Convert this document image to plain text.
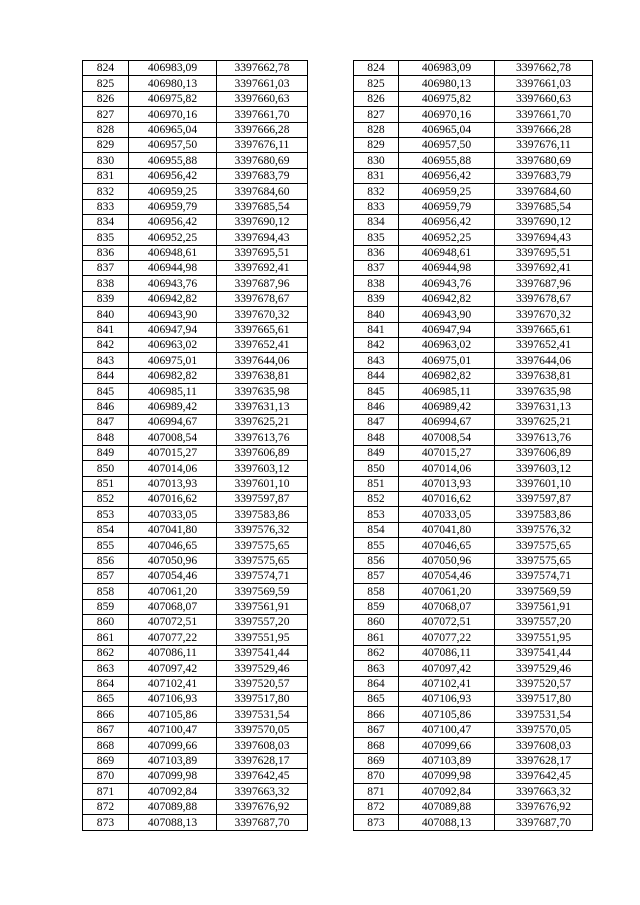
824	406983,09	3397662,78		824	406983,09	3397662,78
825	406980,13	3397661,03		825	406980,13	3397661,03
826	406975,82	3397660,63		826	406975,82	3397660,63
827	406970,16	3397661,70		827	406970,16	3397661,70
828	406965,04	3397666,28		828	406965,04	3397666,28
829	406957,50	3397676,11		829	406957,50	3397676,11
830	406955,88	3397680,69		830	406955,88	3397680,69
831	406956,42	3397683,79		831	406956,42	3397683,79
832	406959,25	3397684,60		832	406959,25	3397684,60
833	406959,79	3397685,54		833	406959,79	3397685,54
834	406956,42	3397690,12		834	406956,42	3397690,12
835	406952,25	3397694,43		835	406952,25	3397694,43
836	406948,61	3397695,51		836	406948,61	3397695,51
837	406944,98	3397692,41		837	406944,98	3397692,41
838	406943,76	3397687,96		838	406943,76	3397687,96
839	406942,82	3397678,67		839	406942,82	3397678,67
840	406943,90	3397670,32		840	406943,90	3397670,32
841	406947,94	3397665,61		841	406947,94	3397665,61
842	406963,02	3397652,41		842	406963,02	3397652,41
843	406975,01	3397644,06		843	406975,01	3397644,06
844	406982,82	3397638,81		844	406982,82	3397638,81
845	406985,11	3397635,98		845	406985,11	3397635,98
846	406989,42	3397631,13		846	406989,42	3397631,13
847	406994,67	3397625,21		847	406994,67	3397625,21
848	407008,54	3397613,76		848	407008,54	3397613,76
849	407015,27	3397606,89		849	407015,27	3397606,89
850	407014,06	3397603,12		850	407014,06	3397603,12
851	407013,93	3397601,10		851	407013,93	3397601,10
852	407016,62	3397597,87		852	407016,62	3397597,87
853	407033,05	3397583,86		853	407033,05	3397583,86
854	407041,80	3397576,32		854	407041,80	3397576,32
855	407046,65	3397575,65		855	407046,65	3397575,65
856	407050,96	3397575,65		856	407050,96	3397575,65
857	407054,46	3397574,71		857	407054,46	3397574,71
858	407061,20	3397569,59		858	407061,20	3397569,59
859	407068,07	3397561,91		859	407068,07	3397561,91
860	407072,51	3397557,20		860	407072,51	3397557,20
861	407077,22	3397551,95		861	407077,22	3397551,95
862	407086,11	3397541,44		862	407086,11	3397541,44
863	407097,42	3397529,46		863	407097,42	3397529,46
864	407102,41	3397520,57		864	407102,41	3397520,57
865	407106,93	3397517,80		865	407106,93	3397517,80
866	407105,86	3397531,54		866	407105,86	3397531,54
867	407100,47	3397570,05		867	407100,47	3397570,05
868	407099,66	3397608,03		868	407099,66	3397608,03
869	407103,89	3397628,17		869	407103,89	3397628,17
870	407099,98	3397642,45		870	407099,98	3397642,45
871	407092,84	3397663,32		871	407092,84	3397663,32
872	407089,88	3397676,92		872	407089,88	3397676,92
873	407088,13	3397687,70		873	407088,13	3397687,70
